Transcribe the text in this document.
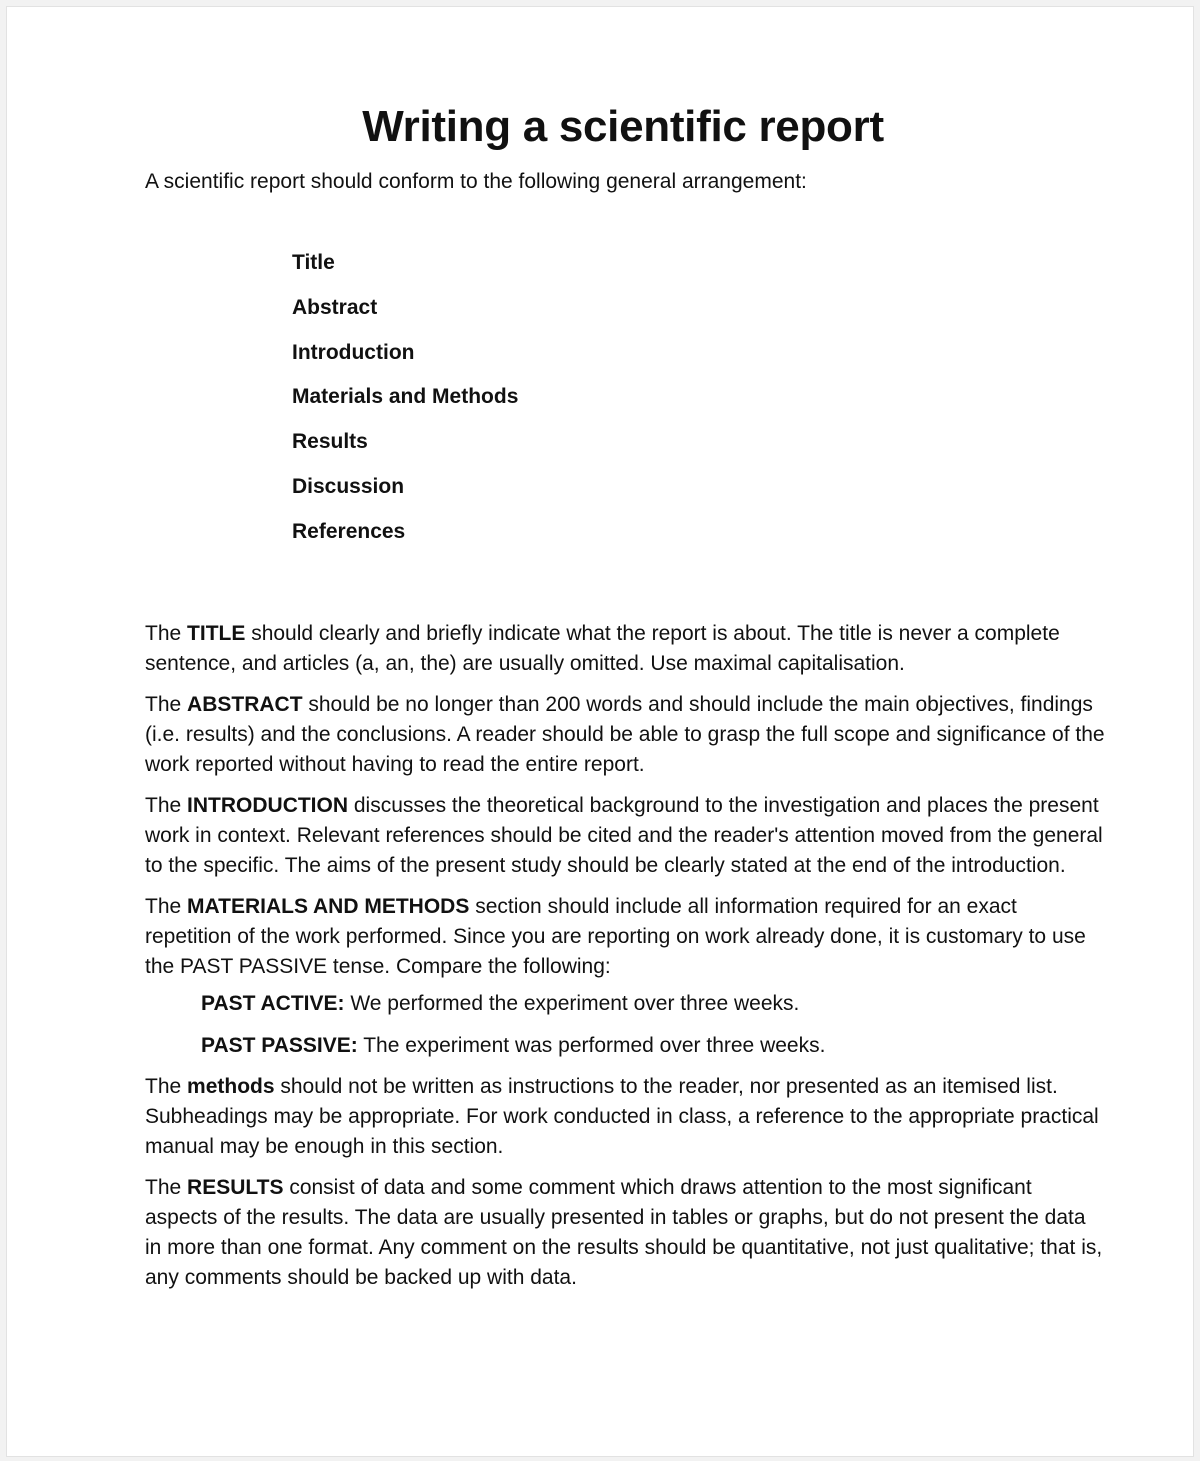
Writing a scientific report

A scientific report should conform to the following general arrangement:

Title
Abstract
Introduction
Materials and Methods
Results
Discussion
References

The TITLE should clearly and briefly indicate what the report is about. The title is never a complete sentence, and articles (a, an, the) are usually omitted. Use maximal capitalisation.

The ABSTRACT should be no longer than 200 words and should include the main objectives, findings (i.e. results) and the conclusions. A reader should be able to grasp the full scope and significance of the work reported without having to read the entire report.

The INTRODUCTION discusses the theoretical background to the investigation and places the present work in context. Relevant references should be cited and the reader's attention moved from the general to the specific. The aims of the present study should be clearly stated at the end of the introduction.

The MATERIALS AND METHODS section should include all information required for an exact repetition of the work performed. Since you are reporting on work already done, it is customary to use the PAST PASSIVE tense. Compare the following:

PAST ACTIVE: We performed the experiment over three weeks.

PAST PASSIVE: The experiment was performed over three weeks.

The methods should not be written as instructions to the reader, nor presented as an itemised list. Subheadings may be appropriate. For work conducted in class, a reference to the appropriate practical manual may be enough in this section.

The RESULTS consist of data and some comment which draws attention to the most significant aspects of the results. The data are usually presented in tables or graphs, but do not present the data in more than one format. Any comment on the results should be quantitative, not just qualitative; that is, any comments should be backed up with data.
